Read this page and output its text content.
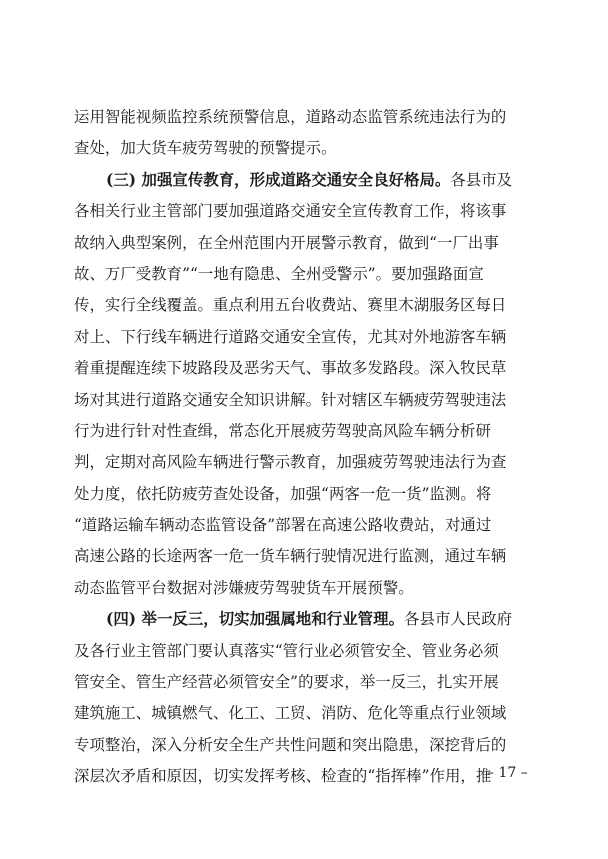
运用智能视频监控系统预警信息，道路动态监管系统违法行为的
查处，加大货车疲劳驾驶的预警提示。
(三) 加强宣传教育，形成道路交通安全良好格局。各县市及
各相关行业主管部门要加强道路交通安全宣传教育工作，将该事
故纳入典型案例，在全州范围内开展警示教育，做到“一厂出事
故、万厂受教育”“一地有隐患、全州受警示”。要加强路面宣
传，实行全线覆盖。重点利用五台收费站、赛里木湖服务区每日
对上、下行线车辆进行道路交通安全宣传，尤其对外地游客车辆
着重提醒连续下坡路段及恶劣天气、事故多发路段。深入牧民草
场对其进行道路交通安全知识讲解。针对辖区车辆疲劳驾驶违法
行为进行针对性查缉，常态化开展疲劳驾驶高风险车辆分析研
判，定期对高风险车辆进行警示教育，加强疲劳驾驶违法行为查
处力度，依托防疲劳查处设备，加强“两客一危一货”监测。将
“道路运输车辆动态监管设备”部署在高速公路收费站，对通过
高速公路的长途两客一危一货车辆行驶情况进行监测，通过车辆
动态监管平台数据对涉嫌疲劳驾驶货车开展预警。
(四) 举一反三，切实加强属地和行业管理。各县市人民政府
及各行业主管部门要认真落实“管行业必须管安全、管业务必须
管安全、管生产经营必须管安全”的要求，举一反三，扎实开展
建筑施工、城镇燃气、化工、工贸、消防、危化等重点行业领域
专项整治，深入分析安全生产共性问题和突出隐患，深挖背后的
深层次矛盾和原因，切实发挥考核、检查的“指挥棒”作用，推
– 17 –
